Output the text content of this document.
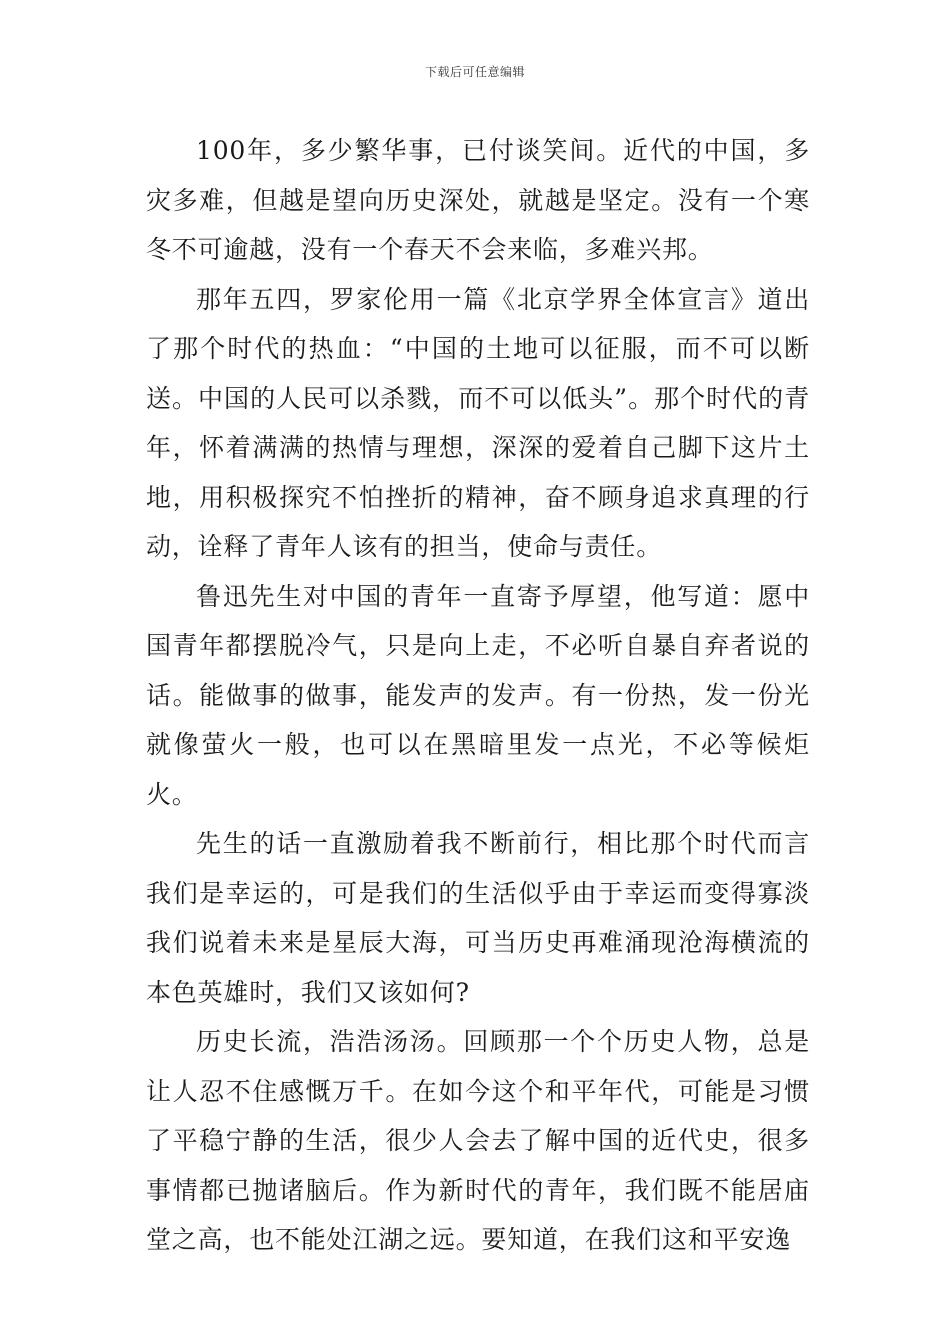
下载后可任意编辑

100年，多少繁华事，已付谈笑间。近代的中国，多灾多难，但越是望向历史深处，就越是坚定。没有一个寒冬不可逾越，没有一个春天不会来临，多难兴邦。

那年五四，罗家伦用一篇《北京学界全体宣言》道出了那个时代的热血：“中国的土地可以征服，而不可以断送。中国的人民可以杀戮，而不可以低头”。那个时代的青年，怀着满满的热情与理想，深深的爱着自己脚下这片土地，用积极探究不怕挫折的精神，奋不顾身追求真理的行动，诠释了青年人该有的担当，使命与责任。

鲁迅先生对中国的青年一直寄予厚望，他写道：愿中国青年都摆脱冷气，只是向上走，不必听自暴自弃者说的话。能做事的做事，能发声的发声。有一份热，发一份光就像萤火一般，也可以在黑暗里发一点光，不必等候炬火。

先生的话一直激励着我不断前行，相比那个时代而言我们是幸运的，可是我们的生活似乎由于幸运而变得寡淡我们说着未来是星辰大海，可当历史再难涌现沧海横流的本色英雄时，我们又该如何?

历史长流，浩浩汤汤。回顾那一个个历史人物，总是让人忍不住感慨万千。在如今这个和平年代，可能是习惯了平稳宁静的生活，很少人会去了解中国的近代史，很多事情都已抛诸脑后。作为新时代的青年，我们既不能居庙堂之高，也不能处江湖之远。要知道，在我们这和平安逸
